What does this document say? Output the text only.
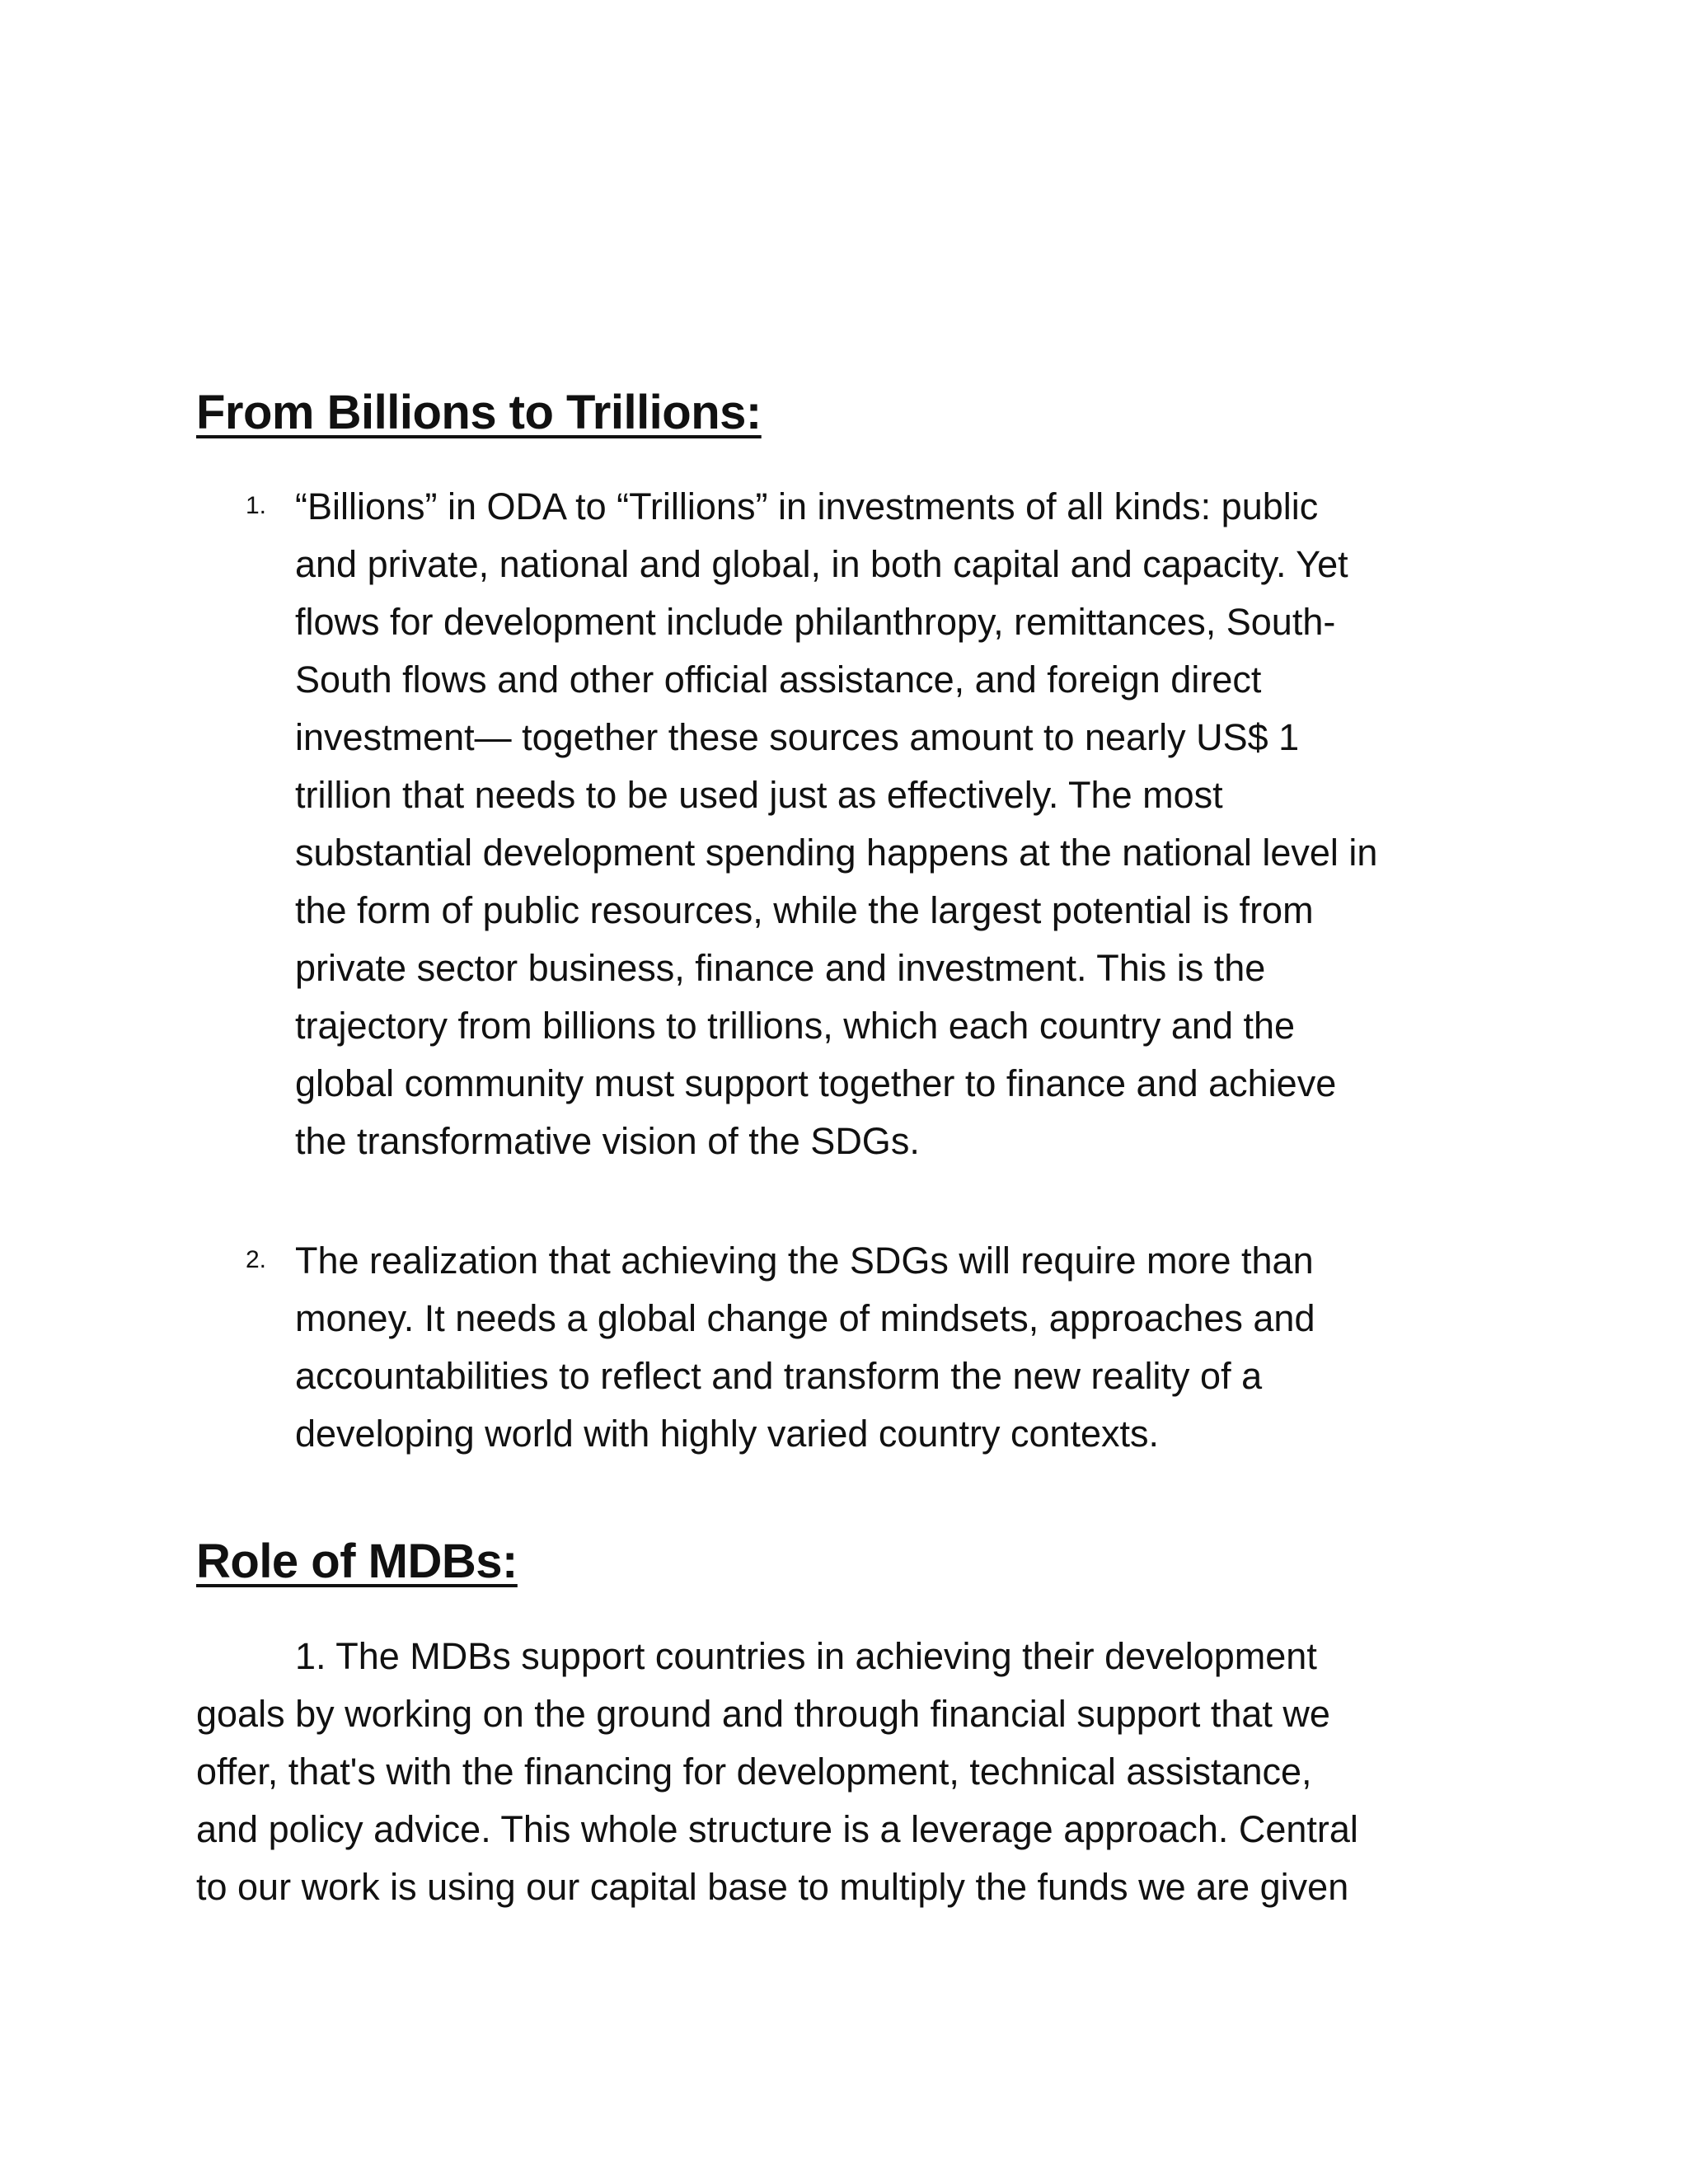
From Billions to Trillions:
1. “Billions” in ODA to “Trillions” in investments of all kinds: public
and private, national and global, in both capital and capacity. Yet
flows for development include philanthropy, remittances, South-
South flows and other official assistance, and foreign direct
investment— together these sources amount to nearly US$ 1
trillion that needs to be used just as effectively. The most
substantial development spending happens at the national level in
the form of public resources, while the largest potential is from
private sector business, finance and investment. This is the
trajectory from billions to trillions, which each country and the
global community must support together to finance and achieve
the transformative vision of the SDGs.
2. The realization that achieving the SDGs will require more than
money. It needs a global change of mindsets, approaches and
accountabilities to reflect and transform the new reality of a
developing world with highly varied country contexts.
Role of MDBs:
1. The MDBs support countries in achieving their development
goals by working on the ground and through financial support that we
offer, that's with the financing for development, technical assistance,
and policy advice. This whole structure is a leverage approach. Central
to our work is using our capital base to multiply the funds we are given
